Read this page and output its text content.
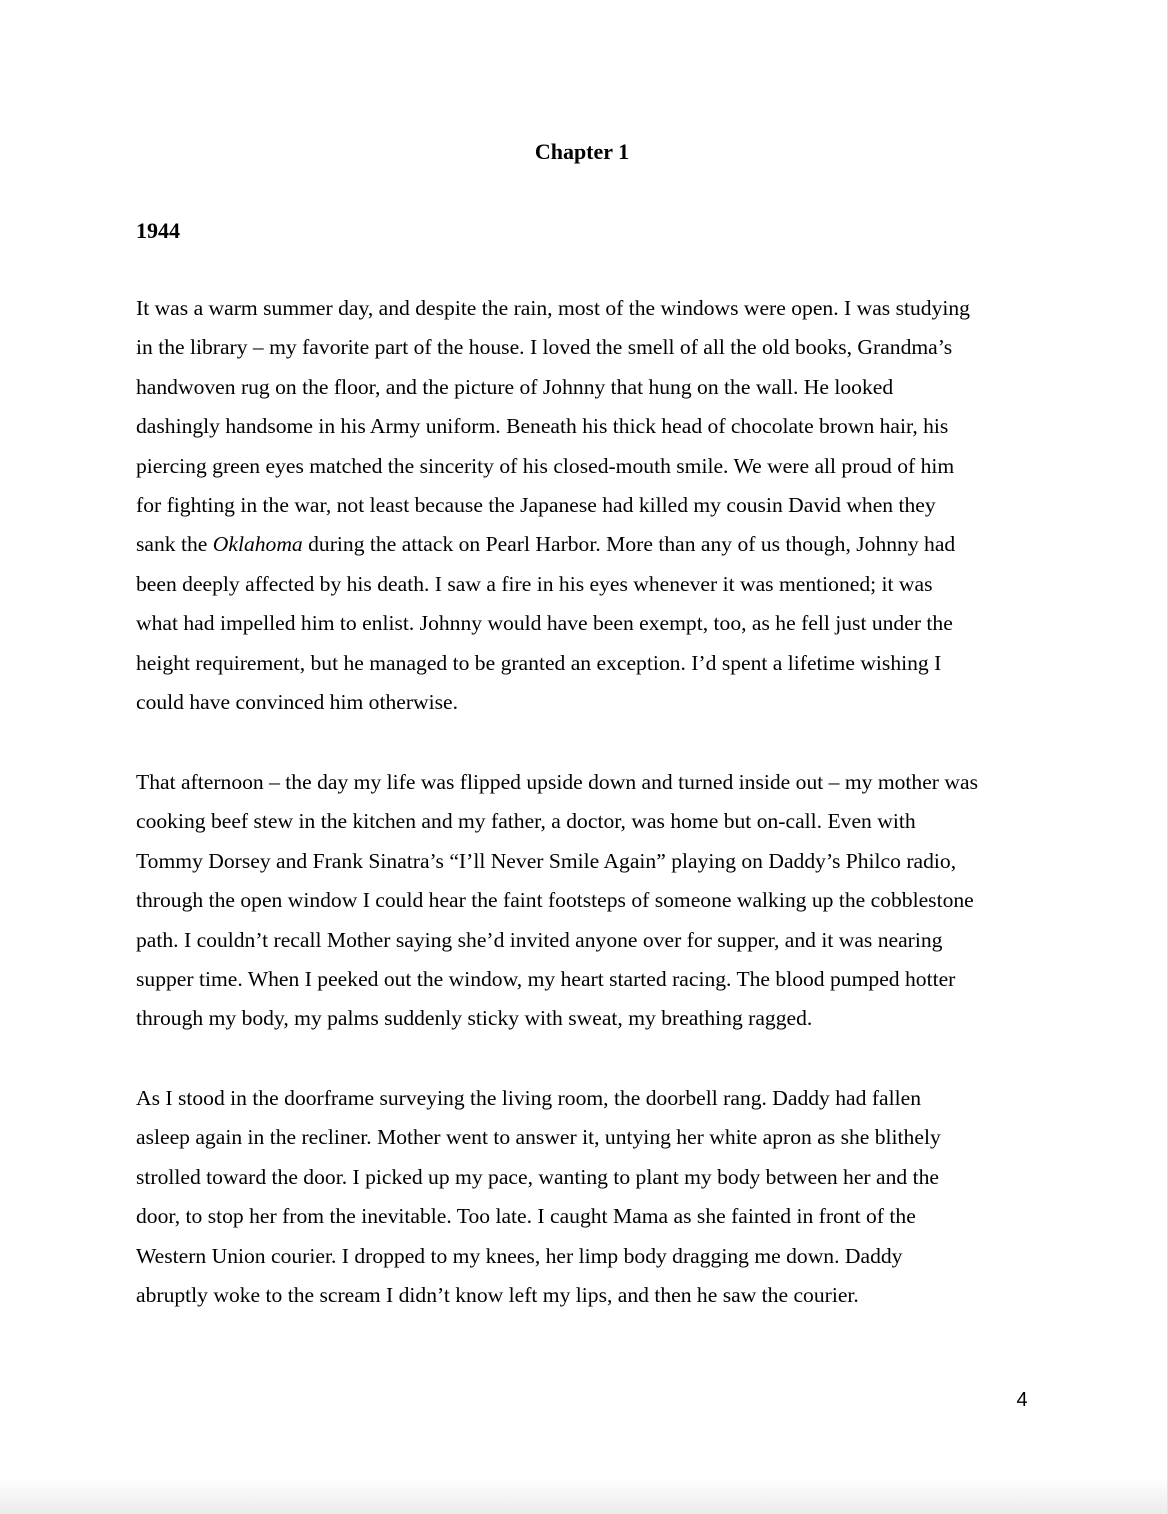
Chapter 1
1944
It was a warm summer day, and despite the rain, most of the windows were open. I was studying
in the library – my favorite part of the house. I loved the smell of all the old books, Grandma’s
handwoven rug on the floor, and the picture of Johnny that hung on the wall. He looked
dashingly handsome in his Army uniform. Beneath his thick head of chocolate brown hair, his
piercing green eyes matched the sincerity of his closed-mouth smile. We were all proud of him
for fighting in the war, not least because the Japanese had killed my cousin David when they
sank the Oklahoma during the attack on Pearl Harbor. More than any of us though, Johnny had
been deeply affected by his death. I saw a fire in his eyes whenever it was mentioned; it was
what had impelled him to enlist. Johnny would have been exempt, too, as he fell just under the
height requirement, but he managed to be granted an exception. I’d spent a lifetime wishing I
could have convinced him otherwise.
That afternoon – the day my life was flipped upside down and turned inside out – my mother was
cooking beef stew in the kitchen and my father, a doctor, was home but on-call. Even with
Tommy Dorsey and Frank Sinatra’s “I’ll Never Smile Again” playing on Daddy’s Philco radio,
through the open window I could hear the faint footsteps of someone walking up the cobblestone
path. I couldn’t recall Mother saying she’d invited anyone over for supper, and it was nearing
supper time. When I peeked out the window, my heart started racing. The blood pumped hotter
through my body, my palms suddenly sticky with sweat, my breathing ragged.
As I stood in the doorframe surveying the living room, the doorbell rang. Daddy had fallen
asleep again in the recliner. Mother went to answer it, untying her white apron as she blithely
strolled toward the door. I picked up my pace, wanting to plant my body between her and the
door, to stop her from the inevitable. Too late. I caught Mama as she fainted in front of the
Western Union courier. I dropped to my knees, her limp body dragging me down. Daddy
abruptly woke to the scream I didn’t know left my lips, and then he saw the courier.
4
